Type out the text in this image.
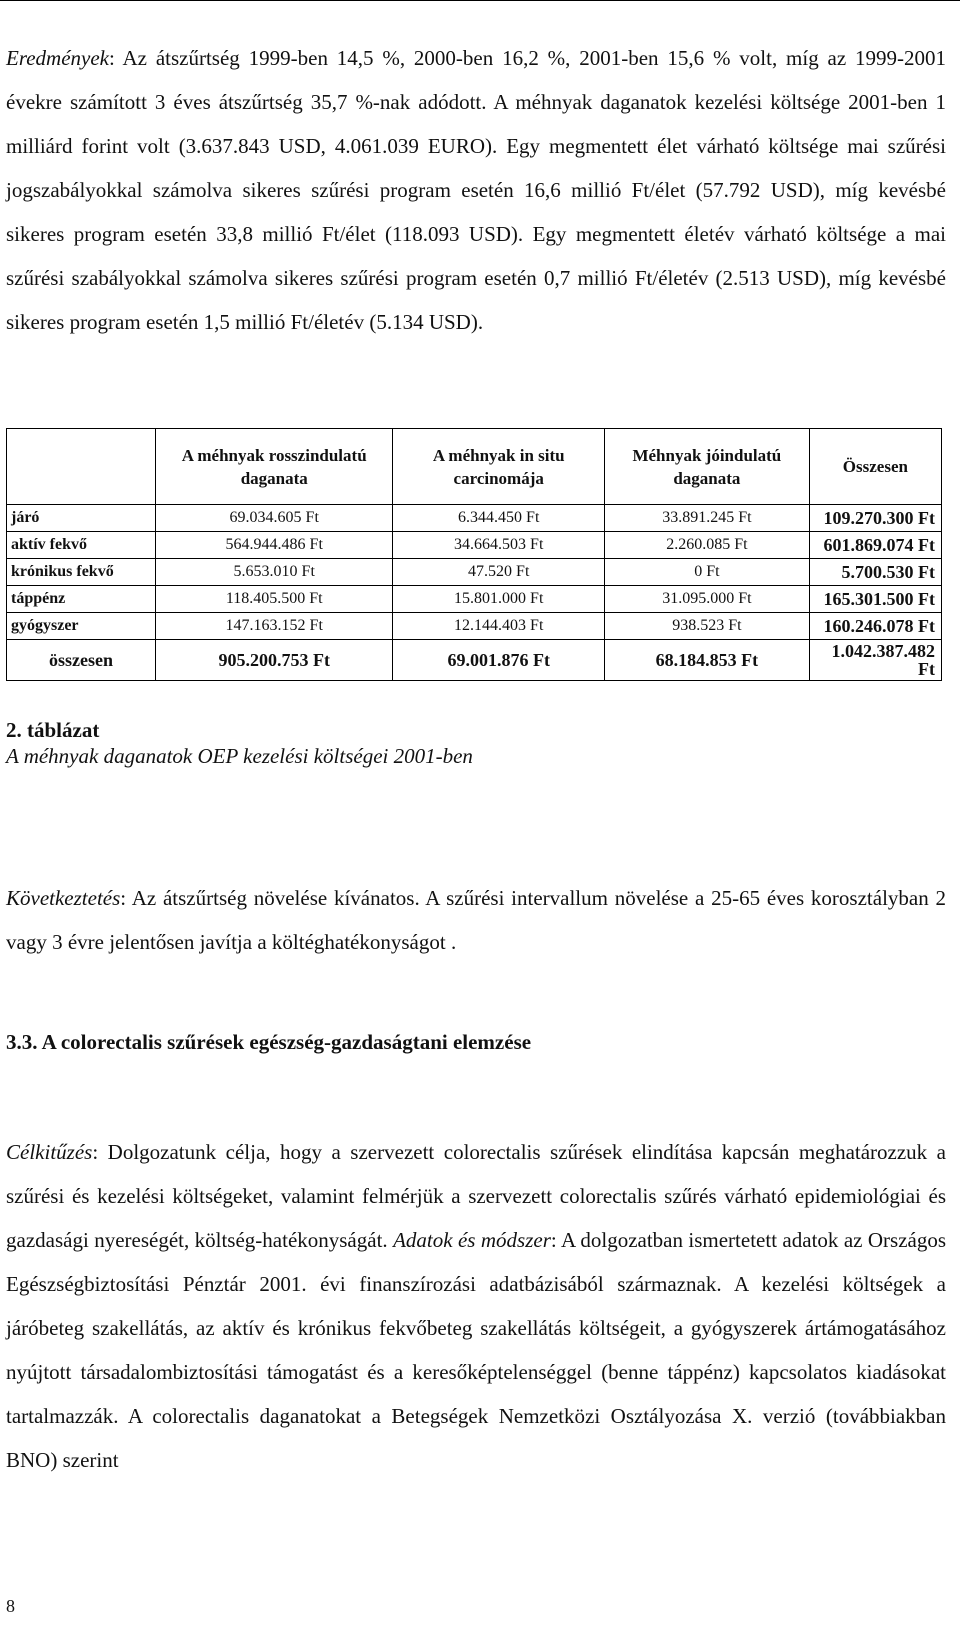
Eredmények: Az átszűrtség 1999-ben 14,5 %, 2000-ben 16,2 %, 2001-ben 15,6 % volt, míg az 1999-2001 évekre számított 3 éves átszűrtség 35,7 %-nak adódott. A méhnyak daganatok kezelési költsége 2001-ben 1 milliárd forint volt (3.637.843 USD, 4.061.039 EURO). Egy megmentett élet várható költsége mai szűrési jogszabályokkal számolva sikeres szűrési program esetén 16,6 millió Ft/élet (57.792 USD), míg kevésbé sikeres program esetén 33,8 millió Ft/élet (118.093 USD). Egy megmentett életév várható költsége a mai szűrési szabályokkal számolva sikeres szűrési program esetén 0,7 millió Ft/életév (2.513 USD), míg kevésbé sikeres program esetén 1,5 millió Ft/életév (5.134 USD).

	A méhnyak rosszindulatú daganata	A méhnyak in situ carcinomája	Méhnyak jóindulatú daganata	Összesen
járó	69.034.605 Ft	6.344.450 Ft	33.891.245 Ft	109.270.300 Ft
aktív fekvő	564.944.486 Ft	34.664.503 Ft	2.260.085 Ft	601.869.074 Ft
krónikus fekvő	5.653.010 Ft	47.520 Ft	0 Ft	5.700.530 Ft
táppénz	118.405.500 Ft	15.801.000 Ft	31.095.000 Ft	165.301.500 Ft
gyógyszer	147.163.152 Ft	12.144.403 Ft	938.523 Ft	160.246.078 Ft
összesen	905.200.753 Ft	69.001.876 Ft	68.184.853 Ft	1.042.387.482 Ft
2. táblázat
A méhnyak daganatok OEP kezelési költségei 2001-ben

Következtetés: Az átszűrtség növelése kívánatos. A szűrési intervallum növelése a 25-65 éves korosztályban 2 vagy 3 évre jelentősen javítja a költéghatékonyságot .

3.3. A colorectalis szűrések egészség-gazdaságtani elemzése

Célkitűzés: Dolgozatunk célja, hogy a szervezett colorectalis szűrések elindítása kapcsán meghatározzuk a szűrési és kezelési költségeket, valamint felmérjük a szervezett colorectalis szűrés várható epidemiológiai és gazdasági nyereségét, költség-hatékonyságát. Adatok és módszer: A dolgozatban ismertetett adatok az Országos Egészségbiztosítási Pénztár 2001. évi finanszírozási adatbázisából származnak. A kezelési költségek a járóbeteg szakellátás, az aktív és krónikus fekvőbeteg szakellátás költségeit, a gyógyszerek ártámogatásához nyújtott társadalombiztosítási támogatást és a keresőképtelenséggel (benne táppénz) kapcsolatos kiadásokat tartalmazzák. A colorectalis daganatokat a Betegségek Nemzetközi Osztályozása X. verzió (továbbiakban BNO) szerint

8
